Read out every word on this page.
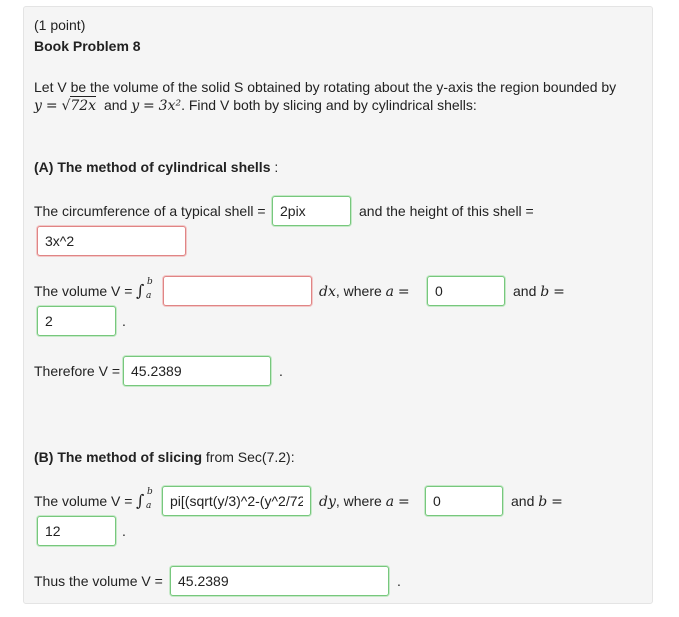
(1 point)
Book Problem 8
Let V be the volume of the solid S obtained by rotating about the y-axis the region bounded by
y = √72x and y = 3x². Find V both by slicing and by cylindrical shells:
(A) The method of cylindrical shells :
The circumference of a typical shell =
2pix	and the height of this shell =
3x^2
The volume V = ∫ b
a	dx, where a =
0	and b =
2
.
Therefore V =
45.2389	.
(B) The method of slicing from Sec(7.2):
The volume V = ∫ b
a
pi[(sqrt(y/3)^2-(y^2/72	dy, where a =
0	and b =
12
.
Thus the volume V =
45.2389	.
